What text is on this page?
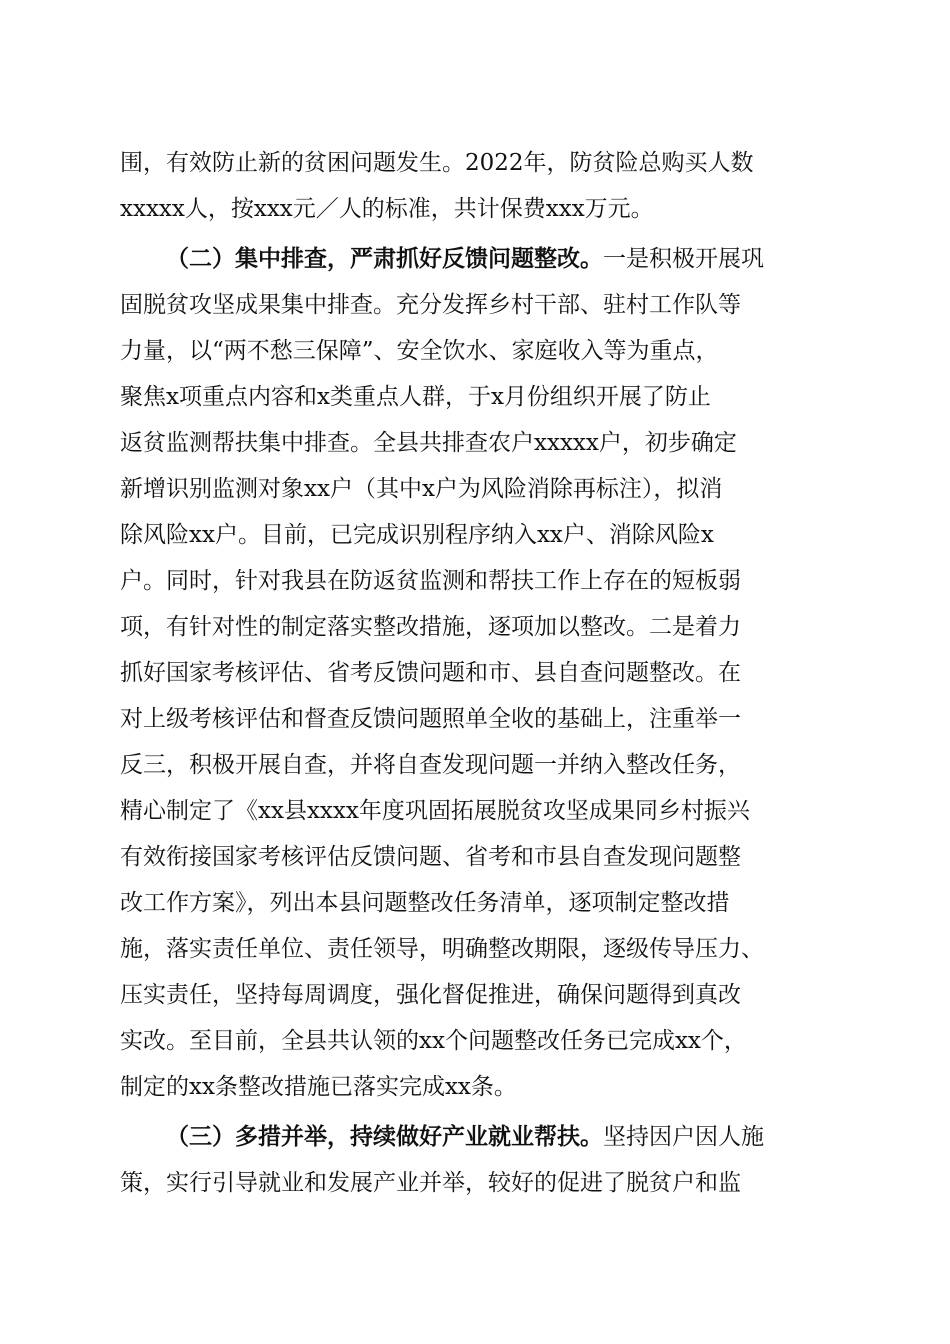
围，有效防止新的贫困问题发生。2022年，防贫险总购买人数
xxxxx人，按xxx元／人的标准，共计保费xxx万元。
（二）集中排查，严肃抓好反馈问题整改。一是积极开展巩
固脱贫攻坚成果集中排查。充分发挥乡村干部、驻村工作队等
力量，以“两不愁三保障”、安全饮水、家庭收入等为重点，
聚焦x项重点内容和x类重点人群，于x月份组织开展了防止
返贫监测帮扶集中排查。全县共排查农户xxxxx户，初步确定
新增识别监测对象xx户（其中x户为风险消除再标注），拟消
除风险xx户。目前，已完成识别程序纳入xx户、消除风险x
户。同时，针对我县在防返贫监测和帮扶工作上存在的短板弱
项，有针对性的制定落实整改措施，逐项加以整改。二是着力
抓好国家考核评估、省考反馈问题和市、县自查问题整改。在
对上级考核评估和督查反馈问题照单全收的基础上，注重举一
反三，积极开展自查，并将自查发现问题一并纳入整改任务，
精心制定了《xx县xxxx年度巩固拓展脱贫攻坚成果同乡村振兴
有效衔接国家考核评估反馈问题、省考和市县自查发现问题整
改工作方案》，列出本县问题整改任务清单，逐项制定整改措
施，落实责任单位、责任领导，明确整改期限，逐级传导压力、
压实责任，坚持每周调度，强化督促推进，确保问题得到真改
实改。至目前，全县共认领的xx个问题整改任务已完成xx个，
制定的xx条整改措施已落实完成xx条。
（三）多措并举，持续做好产业就业帮扶。坚持因户因人施
策，实行引导就业和发展产业并举，较好的促进了脱贫户和监
